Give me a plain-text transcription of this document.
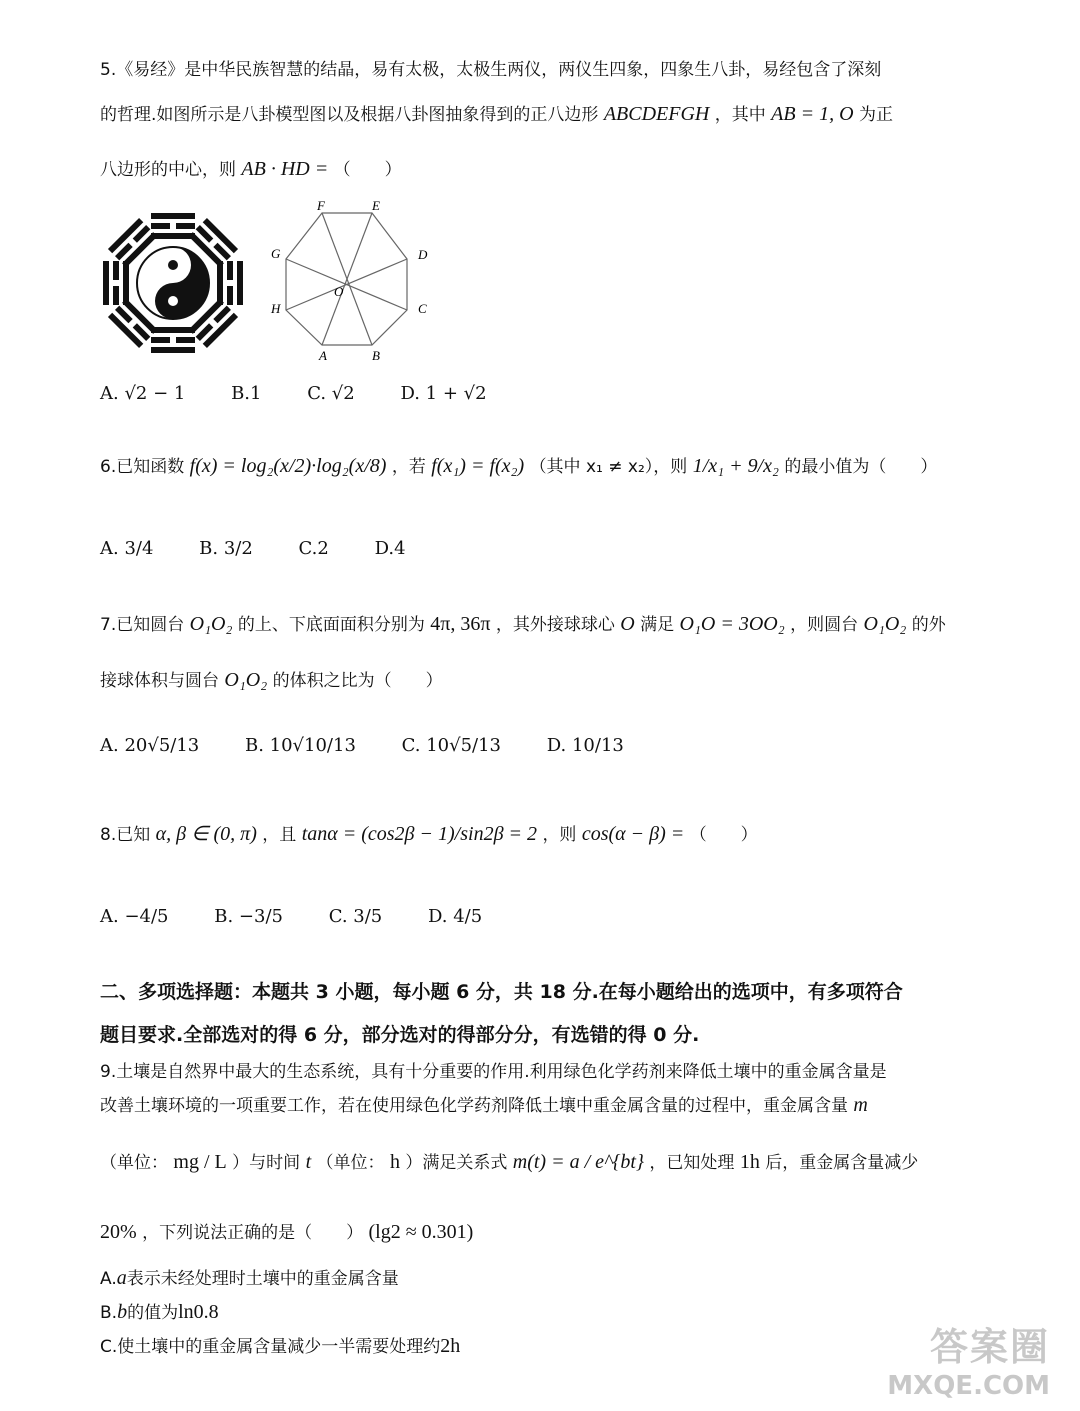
5.《易经》是中华民族智慧的结晶，易有太极，太极生两仪，两仪生四象，四象生八卦，易经包含了深刻
的哲理.如图所示是八卦模型图以及根据八卦图抽象得到的正八边形 ABCDEFGH ，其中 AB = 1, O 为正
八边形的中心，则 AB · HD = （　　）
A	B
C
D
E
F
G
H
O
A. √2 − 1	B.1	C. √2	D. 1 + √2
6.已知函数 f(x) = log₂(x/2)·log₂(x/8) ，若 f(x₁) = f(x₂) （其中 x₁ ≠ x₂），则 1/x₁ + 9/x₂ 的最小值为（　　）
A. 3/4	B. 3/2	C.2	D.4
7.已知圆台 O₁O₂ 的上、下底面面积分别为 4π, 36π ，其外接球球心 O 满足 O₁O = 3OO₂ ，则圆台 O₁O₂ 的外
接球体积与圆台 O₁O₂ 的体积之比为（　　）
A. 20√5/13	B. 10√10/13	C. 10√5/13	D. 10/13
8.已知 α, β ∈ (0, π) ，且 tanα = (cos2β − 1)/sin2β = 2 ，则 cos(α − β) = （　　）
A. −4/5	B. −3/5	C. 3/5	D. 4/5
二、多项选择题：本题共 3 小题，每小题 6 分，共 18 分.在每小题给出的选项中，有多项符合
题目要求.全部选对的得 6 分，部分选对的得部分分，有选错的得 0 分.
9.土壤是自然界中最大的生态系统，具有十分重要的作用.利用绿色化学药剂来降低土壤中的重金属含量是
改善土壤环境的一项重要工作，若在使用绿色化学药剂降低土壤中重金属含量的过程中，重金属含量 m
（单位： mg / L ）与时间 t （单位： h ）满足关系式 m(t) = a / e^{bt} ，已知处理 1h 后，重金属含量减少
20% ，下列说法正确的是（　　） (lg2 ≈ 0.301)
A.a表示未经处理时土壤中的重金属含量
B.b的值为ln0.8
C.使土壤中的重金属含量减少一半需要处理约2h	答案圈
MXQE.COM
